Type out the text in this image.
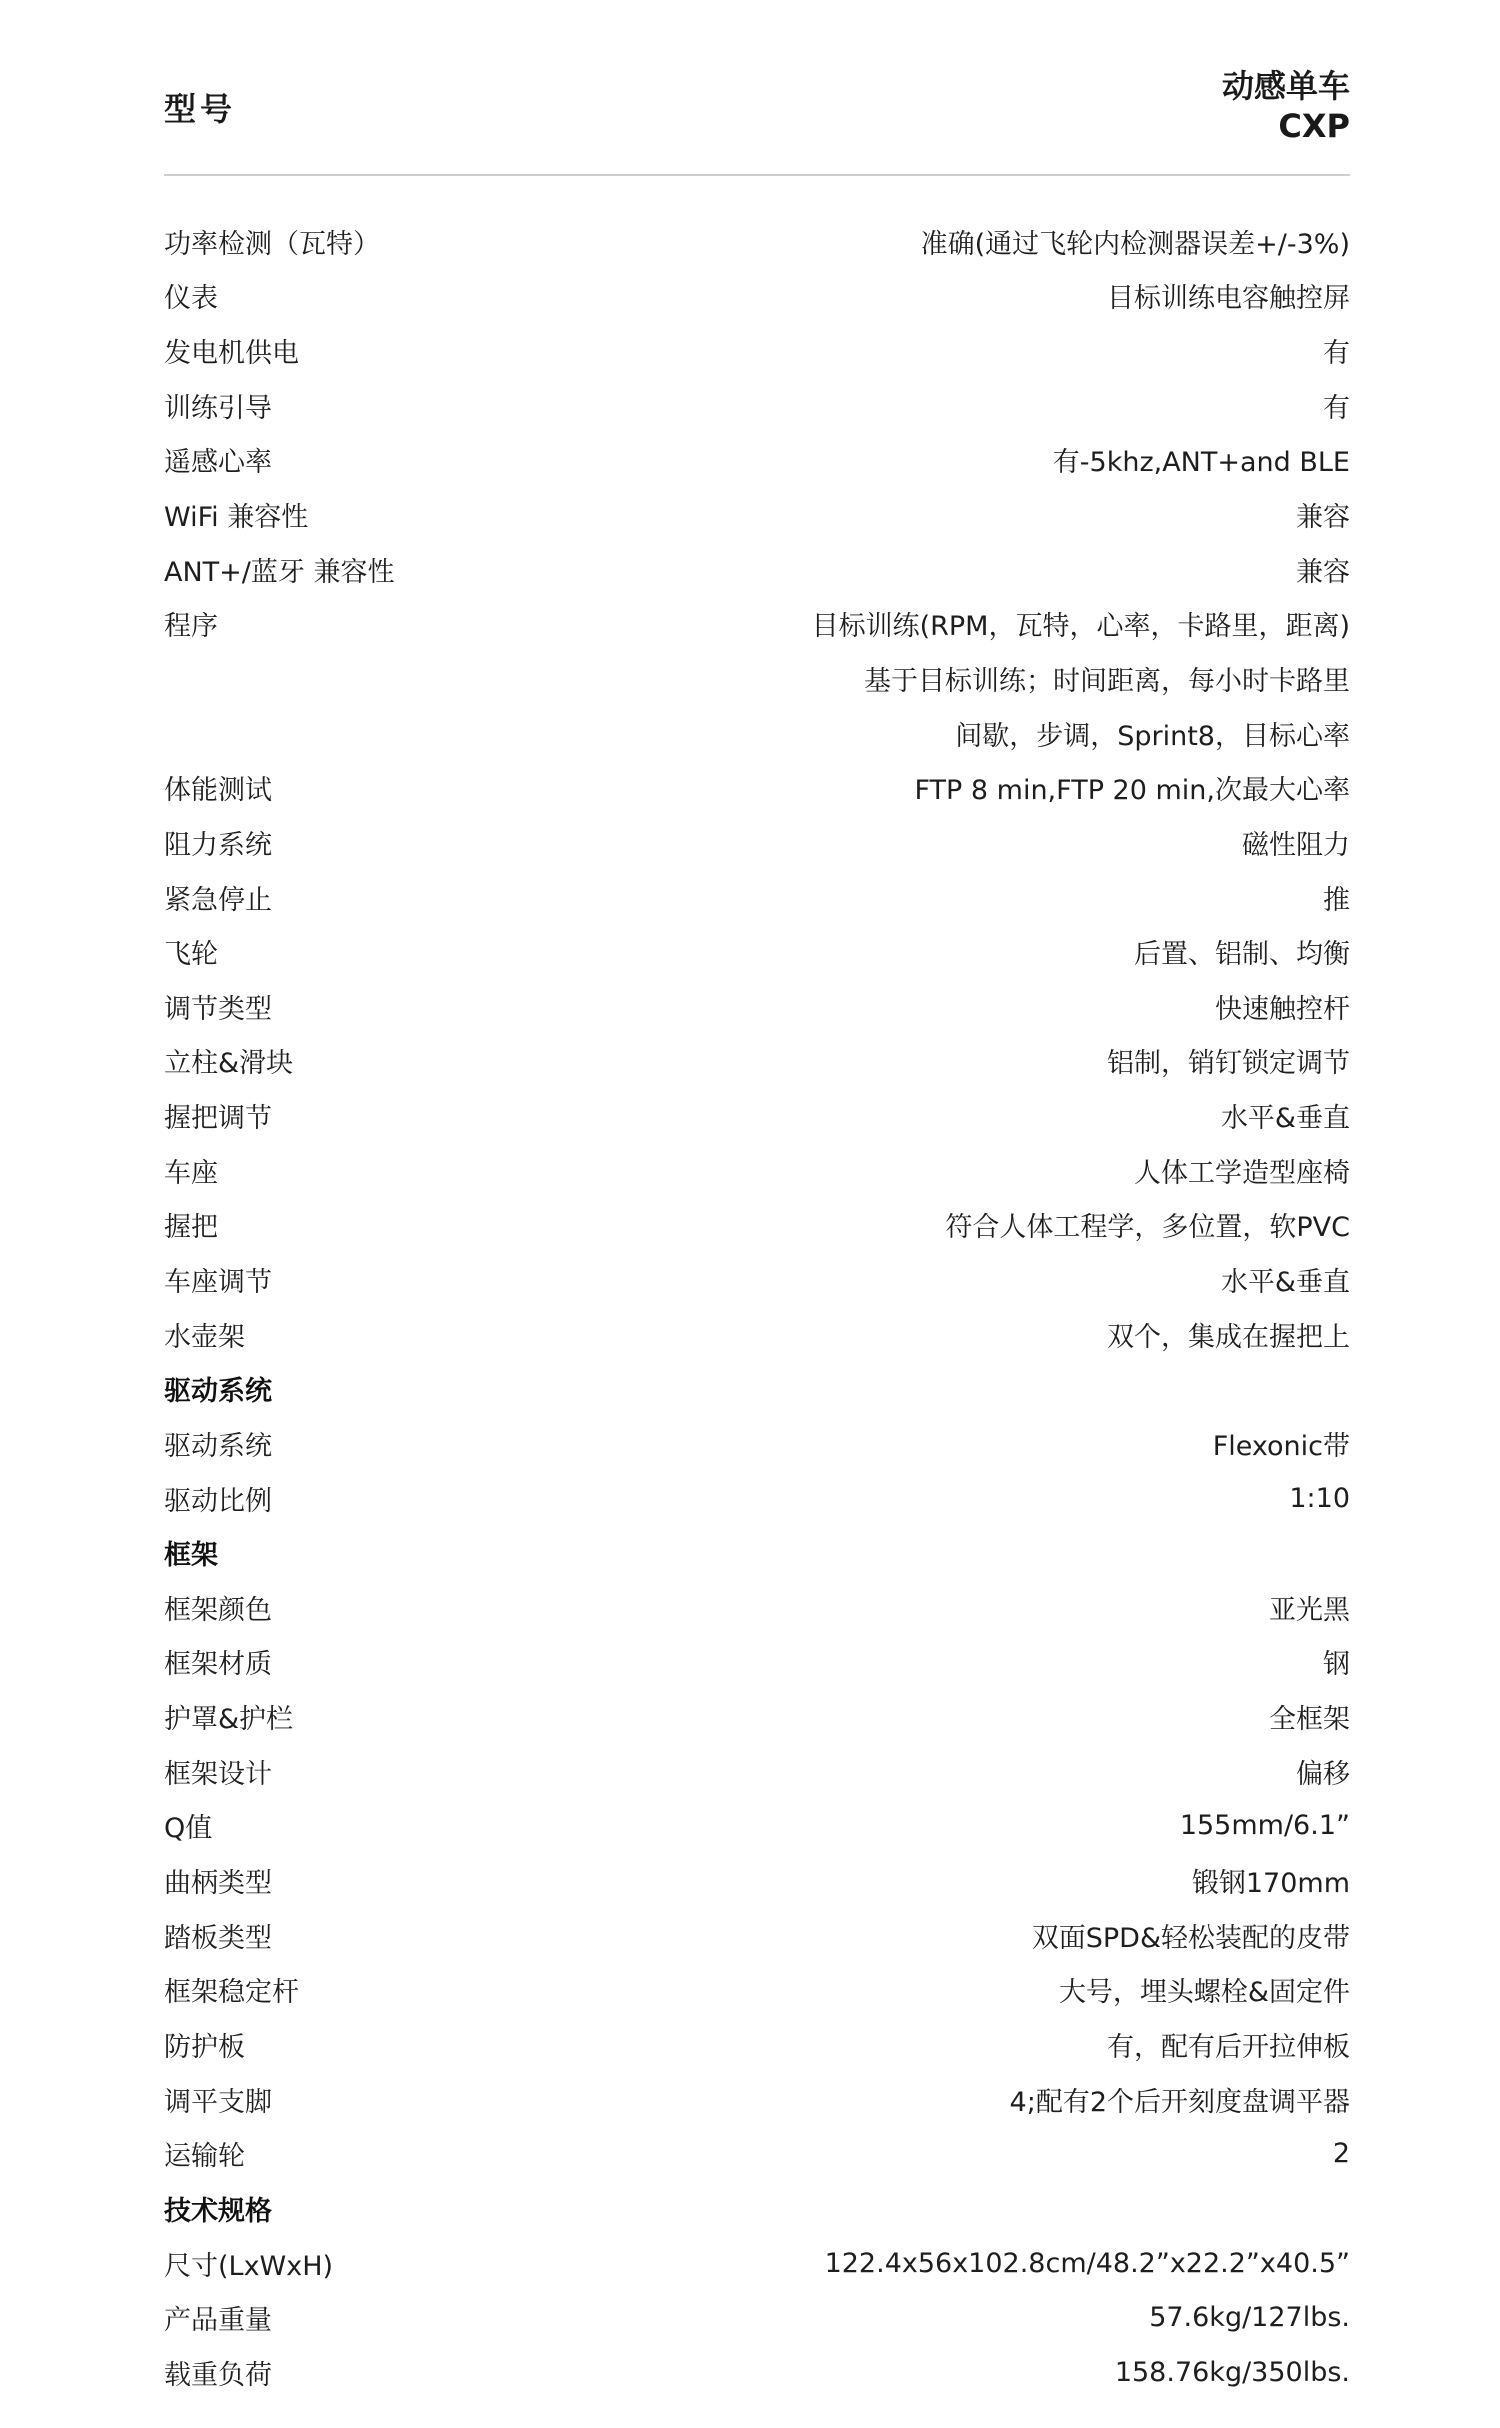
型号
动感单车
CXP
功率检测（瓦特）	准确(通过飞轮内检测器误差+/-3%)
仪表	目标训练电容触控屏
发电机供电	有
训练引导	有
遥感心率	有-5khz,ANT+and BLE
WiFi 兼容性	兼容
ANT+/蓝牙 兼容性	兼容
程序	目标训练(RPM，瓦特，心率，卡路里，距离)
基于目标训练；时间距离，每小时卡路里
间歇，步调，Sprint8，目标心率
体能测试	FTP 8 min,FTP 20 min,次最大心率
阻力系统	磁性阻力
紧急停止	推
飞轮	后置、铝制、均衡
调节类型	快速触控杆
立柱&滑块	铝制，销钉锁定调节
握把调节	水平&垂直
车座	人体工学造型座椅
握把	符合人体工程学，多位置，软PVC
车座调节	水平&垂直
水壶架	双个，集成在握把上
驱动系统
驱动系统	Flexonic带
驱动比例	1:10
框架
框架颜色	亚光黑
框架材质	钢
护罩&护栏	全框架
框架设计	偏移
Q值	155mm/6.1”
曲柄类型	锻钢170mm
踏板类型	双面SPD&轻松装配的皮带
框架稳定杆	大号，埋头螺栓&固定件
防护板	有，配有后开拉伸板
调平支脚	4;配有2个后开刻度盘调平器
运输轮	2
技术规格
尺寸(LxWxH)	122.4x56x102.8cm/48.2”x22.2”x40.5”
产品重量	57.6kg/127lbs.
载重负荷	158.76kg/350lbs.
